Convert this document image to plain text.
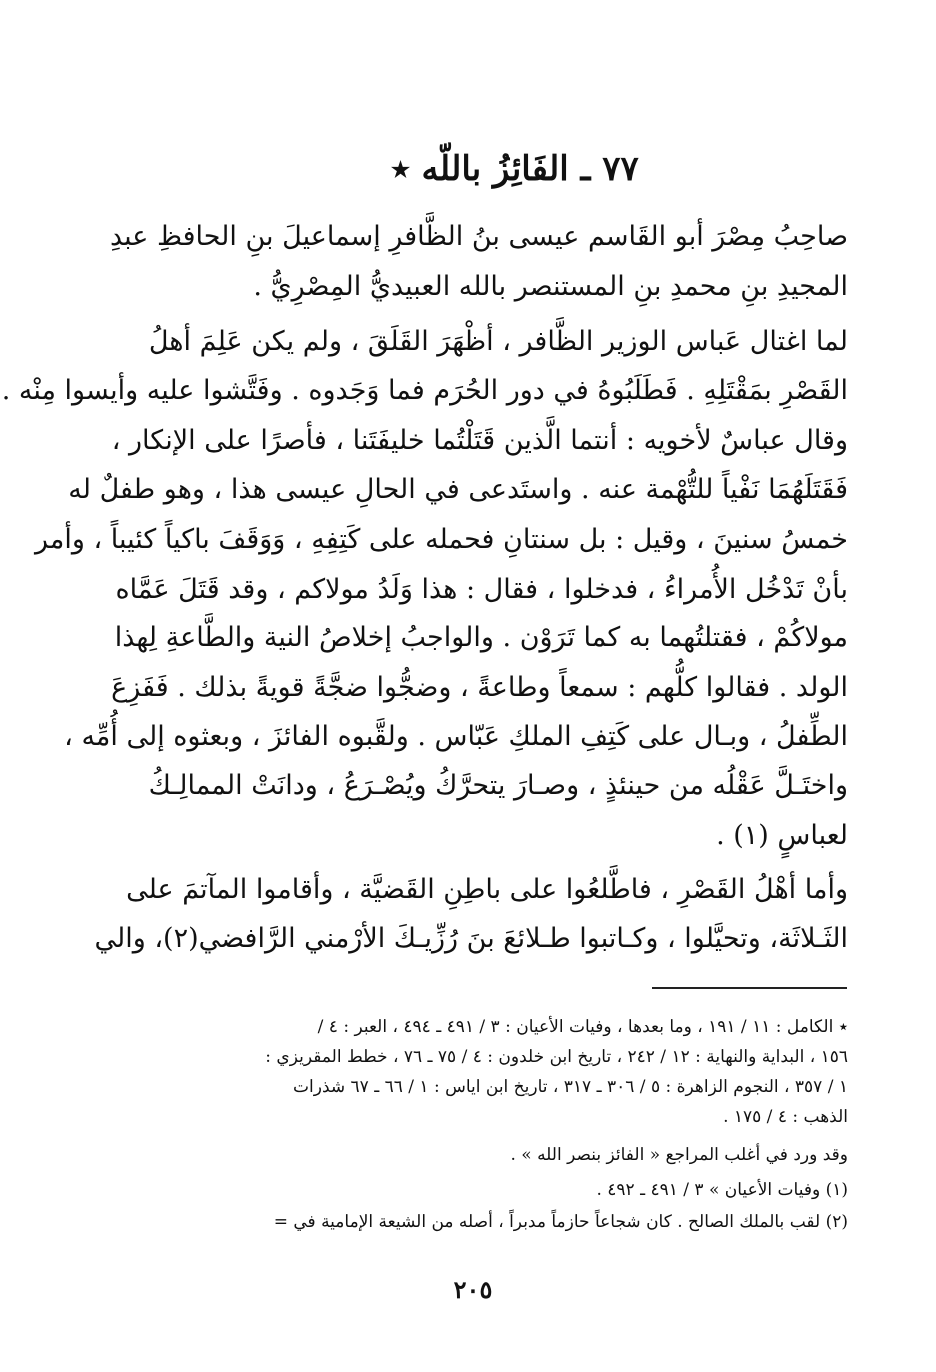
٧٧ ـ الفَائِزُ باللّه ٭
صاحِبُ مِصْرَ أبو القَاسم عيسى بنُ الظَّافرِ إسماعيلَ بنِ الحافظِ عبدِ
المجيدِ بنِ محمدِ بنِ المستنصر بالله العبيديُّ المِصْرِيُّ .
لما اغتال عَباس الوزير الظَّافر ، أظْهَرَ القَلَقَ ، ولم يكن عَلِمَ أهلُ
القَصْرِ بمَقْتَلِهِ . فَطَلَبُوهُ في دور الحُرَم فما وَجَدوه . وفَتَّشوا عليه وأيسوا مِنْه .
وقال عباسٌ لأخويه : أنتما الَّذين قَتَلْتُما خليفَتَنا ، فأصرًا على الإنكار ،
فَقَتَلَهُمَا نَفْياً للتُّهْمة عنه . واستَدعى في الحالِ عيسى هذا ، وهو طفلٌ له
خمسُ سنينَ ، وقيل : بل سنتانِ فحمله على كَتِفِهِ ، وَوَقَفَ باكياً كئيباً ، وأمر
بأنْ تَدْخُل الأُمراءُ ، فدخلوا ، فقال : هذا وَلَدُ مولاكم ، وقد قَتَلَ عَمَّاه
مولاكُمْ ، فقتلتُهما به كما تَرَوْن . والواجبُ إخلاصُ النية والطَّاعةِ لِهذا
الولد . فقالوا كلُّهم : سمعاً وطاعةً ، وضجُّوا ضجَّةً قويةً بذلك . فَفَزِعَ
الطِّفلُ ، وبـال على كَتِفِ الملكِ عَبّاس . ولقَّبوه الفائزَ ، وبعثوه إلى أُمِّه ،
واختَـلَّ عَقْلُه من حينئذٍ ، وصـارَ يتحرَّكُ ويُصْـرَعُ ، ودانَتْ الممالِـكُ
لعباسٍ (١) .
وأما أهْلُ القَصْرِ ، فاطَّلعُوا على باطِنِ القَضيَّة ، وأقاموا المآتمَ على
الثَـلاثَة، وتحيَّلوا ، وكـاتبوا طـلائعَ بنَ رُزِّيـكَ الأرْمني الرَّافضي(٢)، والي
٭ الكامل : ١١ / ١٩١ ، وما بعدها ، وفيات الأعيان : ٣ / ٤٩١ ـ ٤٩٤ ، العبر : ٤ /
١٥٦ ، البداية والنهاية : ١٢ / ٢٤٢ ، تاريخ ابن خلدون : ٤ / ٧٥ ـ ٧٦ ، خطط المقريزي :
١ / ٣٥٧ ، النجوم الزاهرة : ٥ / ٣٠٦ ـ ٣١٧ ، تاريخ ابن اياس : ١ / ٦٦ ـ ٦٧ شذرات
الذهب : ٤ / ١٧٥ .
وقد ورد في أغلب المراجع « الفائز بنصر الله » .
(١) وفيات الأعيان » ٣ / ٤٩١ ـ ٤٩٢ .
(٢) لقب بالملك الصالح . كان شجاعاً حازماً مدبراً ، أصله من الشيعة الإمامية في =
٢٠٥
